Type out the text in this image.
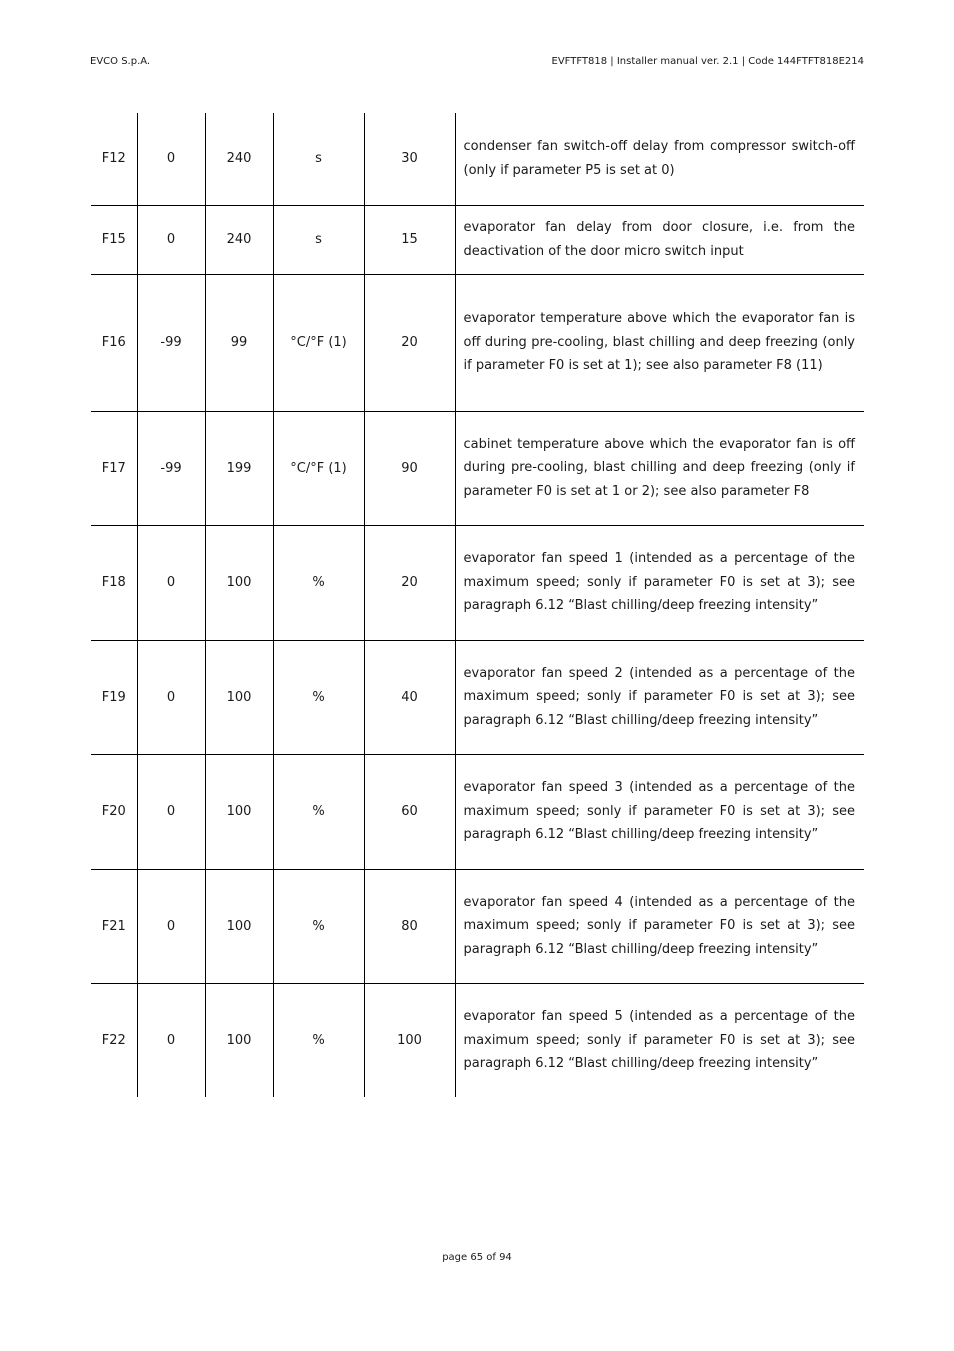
EVCO S.p.A.	EVFTFT818 | Installer manual ver. 2.1 | Code 144FTFT818E214
F12	0	240	s	30	condenser fan switch-off delay from compressor switch-off (only if parameter P5 is set at 0)
F15	0	240	s	15	evaporator fan delay from door closure, i.e. from the deactivation of the door micro switch input
F16	-99	99	°C/°F (1)	20	evaporator temperature above which the evaporator fan is off during pre-cooling, blast chilling and deep freezing (only if parameter F0 is set at 1); see also parameter F8 (11)
F17	-99	199	°C/°F (1)	90	cabinet temperature above which the evaporator fan is off during pre-cooling, blast chilling and deep freezing (only if parameter F0 is set at 1 or 2); see also parameter F8
F18	0	100	%	20	evaporator fan speed 1 (intended as a percentage of the maximum speed; sonly if parameter F0 is set at 3); see paragraph 6.12 “Blast chilling/deep freezing intensity”
F19	0	100	%	40	evaporator fan speed 2 (intended as a percentage of the maximum speed; sonly if parameter F0 is set at 3); see paragraph 6.12 “Blast chilling/deep freezing intensity”
F20	0	100	%	60	evaporator fan speed 3 (intended as a percentage of the maximum speed; sonly if parameter F0 is set at 3); see paragraph 6.12 “Blast chilling/deep freezing intensity”
F21	0	100	%	80	evaporator fan speed 4 (intended as a percentage of the maximum speed; sonly if parameter F0 is set at 3); see paragraph 6.12 “Blast chilling/deep freezing intensity”
F22	0	100	%	100	evaporator fan speed 5 (intended as a percentage of the maximum speed; sonly if parameter F0 is set at 3); see paragraph 6.12 “Blast chilling/deep freezing intensity”
page 65 of 94
